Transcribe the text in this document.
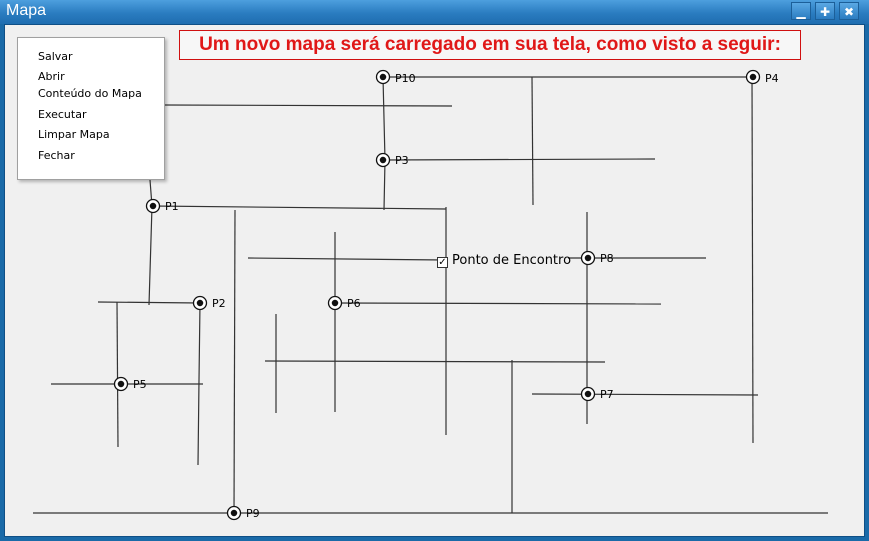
Mapa	▁	✚	✖
P10	P4
P3
P1
P8
P2	P6
P5
P7
P9
Um novo mapa será carregado em sua tela, como visto a seguir:
✓ Ponto de Encontro
Salvar
Abrir
Conteúdo do Mapa
Executar
Limpar Mapa
Fechar
